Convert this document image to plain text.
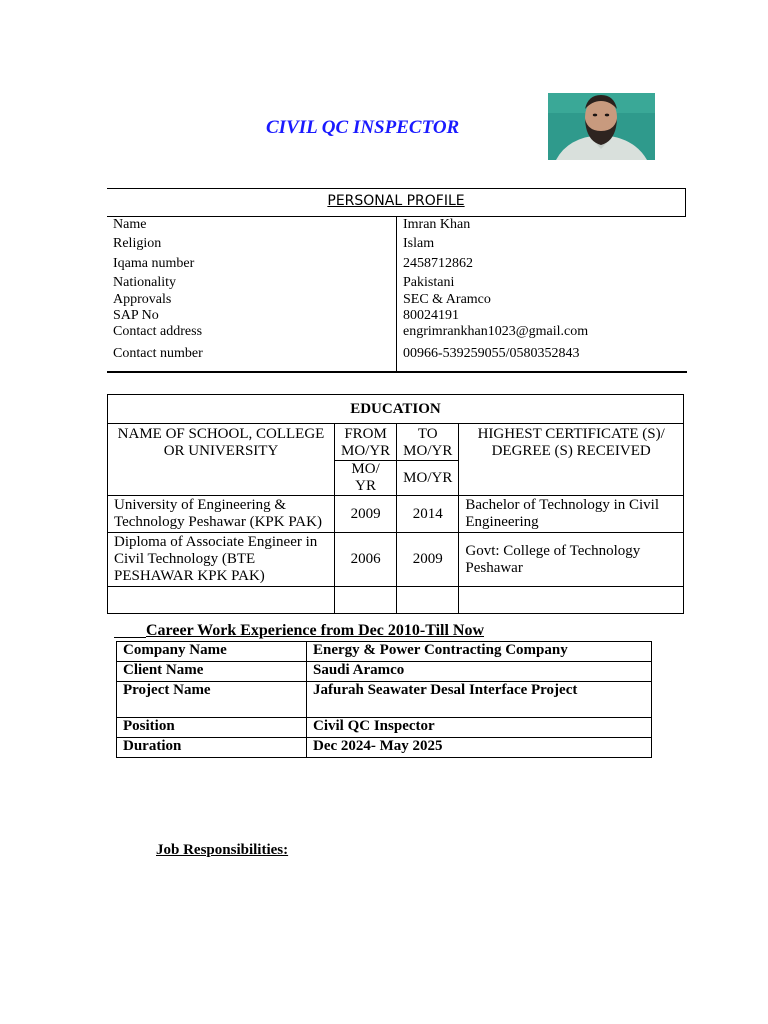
CIVIL QC INSPECTOR
PERSONAL PROFILE
Name	Imran Khan
Religion	Islam
Iqama number	2458712862
Nationality	Pakistani
Approvals	SEC & Aramco
SAP No	80024191
Contact address	engrimrankhan1023@gmail.com
Contact number	00966-539259055/0580352843
EDUCATION			
NAME OF SCHOOL, COLLEGE OR UNIVERSITY	FROM MO/YR	TO MO/YR	HIGHEST CERTIFICATE (S)/ DEGREE (S) RECEIVED
	MO/ YR	MO/YR	
University of Engineering & Technology Peshawar (KPK PAK)	2009	2014	Bachelor of Technology in Civil Engineering
Diploma of Associate Engineer in Civil Technology (BTE PESHAWAR KPK PAK)	2006	2009	Govt: College of Technology Peshawar

Career Work Experience from Dec 2010-Till Now
Company Name	Energy & Power Contracting Company
Client Name	Saudi Aramco
Project Name	Jafurah Seawater Desal Interface Project
Position	Civil QC Inspector
Duration	Dec 2024- May 2025
Job Responsibilities:
